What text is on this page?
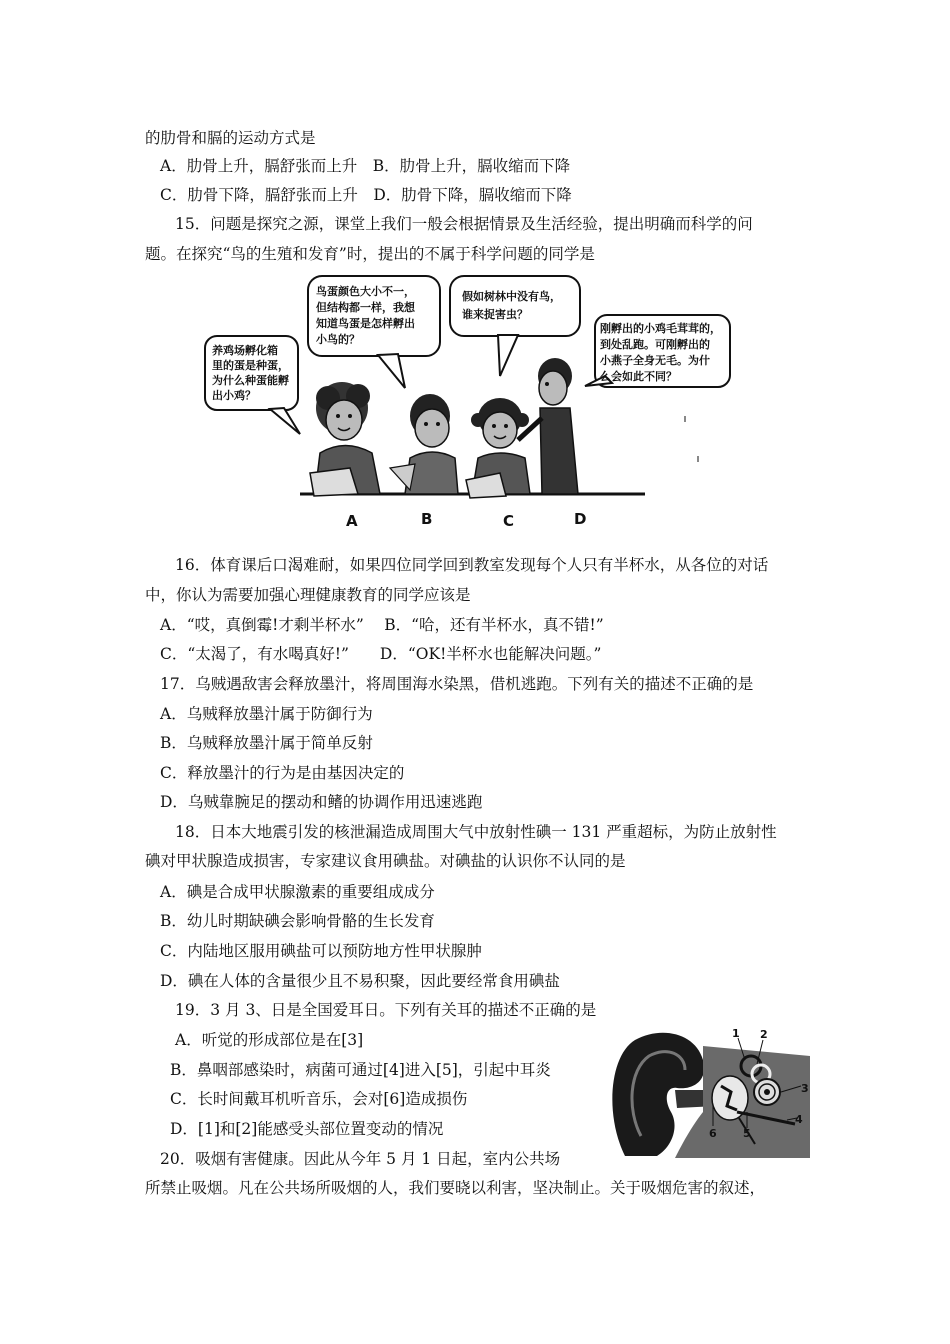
的肋骨和膈的运动方式是
A．肋骨上升，膈舒张而上升　B．肋骨上升，膈收缩而下降
C．肋骨下降，膈舒张而上升　D．肋骨下降，膈收缩而下降
15．问题是探究之源，课堂上我们一般会根据情景及生活经验，提出明确而科学的问
题。在探究“鸟的生殖和发育”时，提出的不属于科学问题的同学是
养鸡场孵化箱
里的蛋是种蛋，
为什么种蛋能孵
出小鸡？
鸟蛋颜色大小不一，
但结构都一样，我想
知道鸟蛋是怎样孵出
小鸟的？
假如树林中没有鸟，
谁来捉害虫？
刚孵出的小鸡毛茸茸的，
到处乱跑。可刚孵出的
小燕子全身无毛。为什
么会如此不同？
A	B	C	D
16．体育课后口渴难耐，如果四位同学回到教室发现每个人只有半杯水，从各位的对话
中，你认为需要加强心理健康教育的同学应该是
A．“哎，真倒霉!才剩半杯水”　 B．“哈，还有半杯水，真不错!”
C．“太渴了，有水喝真好!”　　D．“OK!半杯水也能解决问题。”
17．乌贼遇敌害会释放墨汁，将周围海水染黑，借机逃跑。下列有关的描述不正确的是
A．乌贼释放墨汁属于防御行为
B．乌贼释放墨汁属于简单反射
C．释放墨汁的行为是由基因决定的
D．乌贼靠腕足的摆动和鳍的协调作用迅速逃跑
18．日本大地震引发的核泄漏造成周围大气中放射性碘一 131 严重超标，为防止放射性
碘对甲状腺造成损害，专家建议食用碘盐。对碘盐的认识你不认同的是
A．碘是合成甲状腺激素的重要组成成分
B．幼儿时期缺碘会影响骨骼的生长发育
C．内陆地区服用碘盐可以预防地方性甲状腺肿
D．碘在人体的含量很少且不易积聚，因此要经常食用碘盐
19．3 月 3、日是全国爱耳日。下列有关耳的描述不正确的是
A．听觉的形成部位是在[3]
B．鼻咽部感染时，病菌可通过[4]进入[5]，引起中耳炎
C．长时间戴耳机听音乐，会对[6]造成损伤
D．[1]和[2]能感受头部位置变动的情况
1 2
3
4
5
6
20．吸烟有害健康。因此从今年 5 月 1 日起，室内公共场
所禁止吸烟。凡在公共场所吸烟的人，我们要晓以利害，坚决制止。关于吸烟危害的叙述，
